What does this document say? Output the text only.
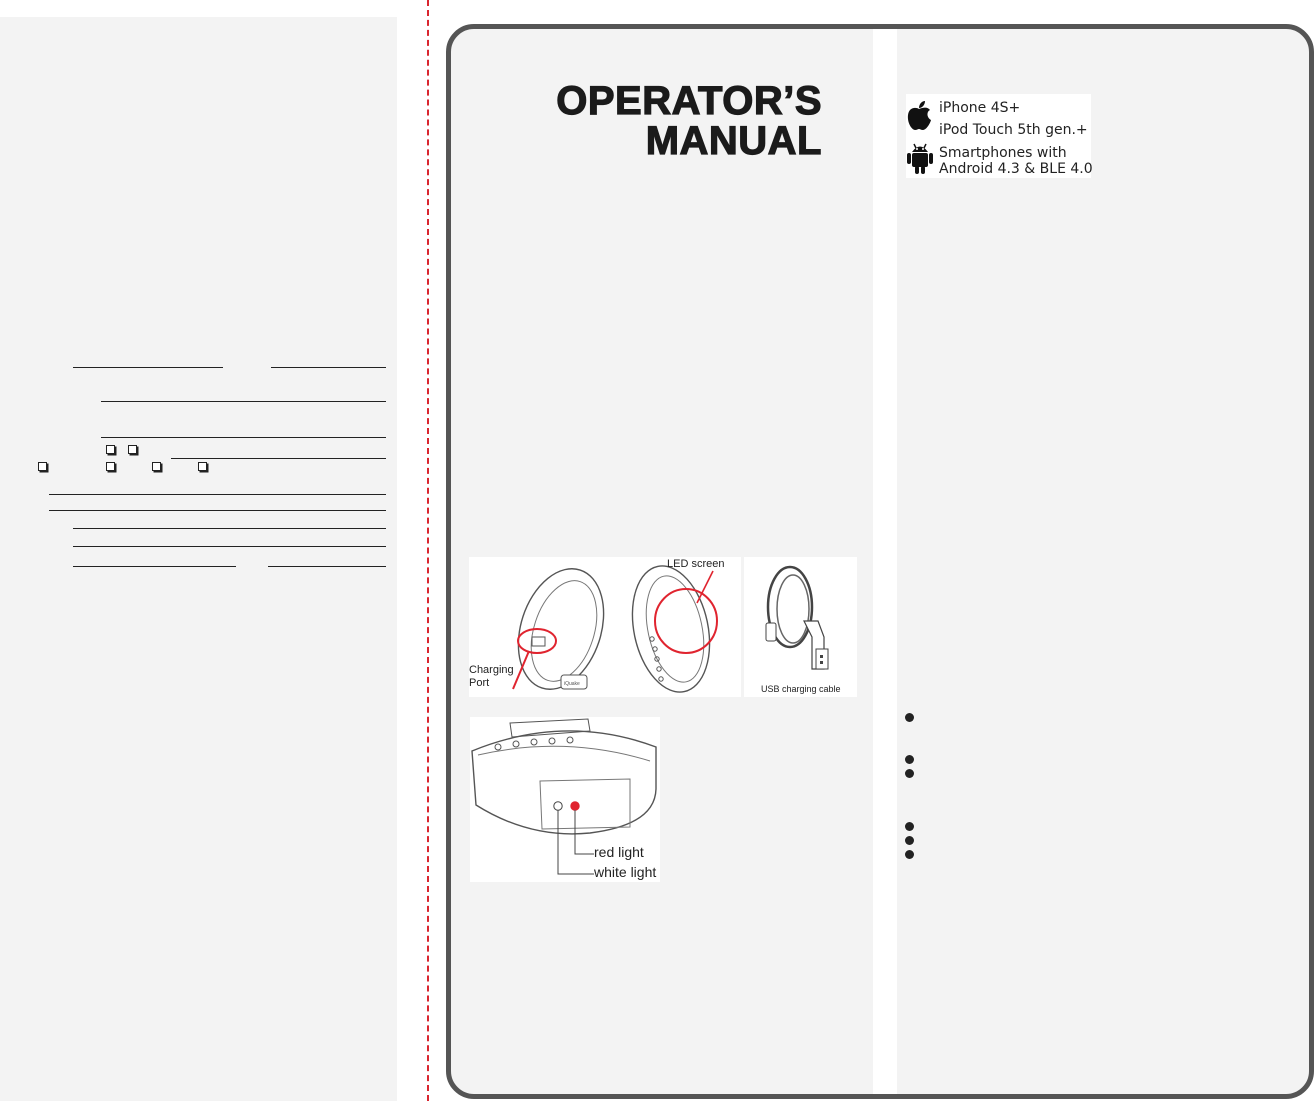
OPERATOR’S
MANUAL
iQuake
LED screen
Charging
Port	USB charging cable
red light
white light
iPhone 4S+
iPod Touch 5th gen.+
Smartphones with
Android 4.3 & BLE 4.0
